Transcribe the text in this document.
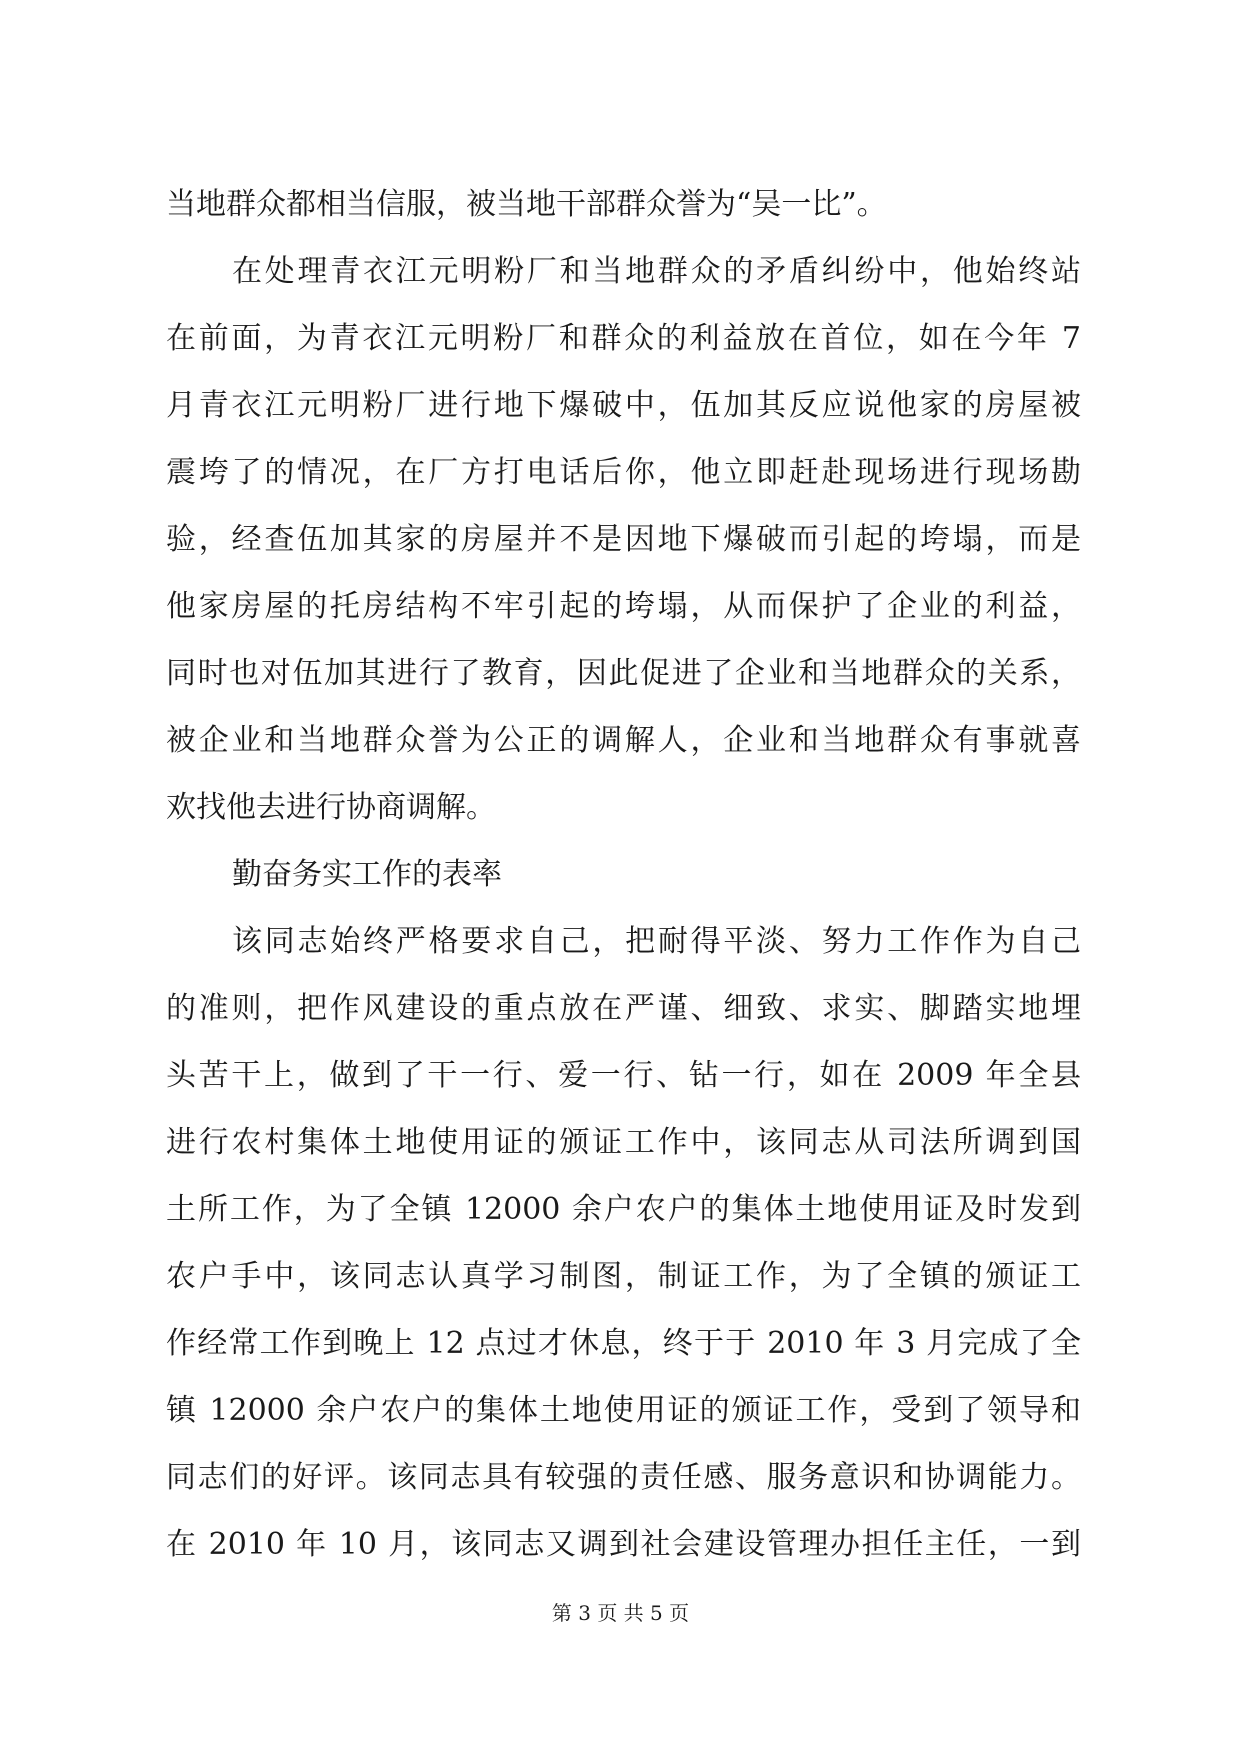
当地群众都相当信服，被当地干部群众誉为“吴一比”。
在处理青衣江元明粉厂和当地群众的矛盾纠纷中，他始终站
在前面，为青衣江元明粉厂和群众的利益放在首位，如在今年 7
月青衣江元明粉厂进行地下爆破中，伍加其反应说他家的房屋被
震垮了的情况，在厂方打电话后你，他立即赶赴现场进行现场勘
验，经查伍加其家的房屋并不是因地下爆破而引起的垮塌，而是
他家房屋的托房结构不牢引起的垮塌，从而保护了企业的利益，
同时也对伍加其进行了教育，因此促进了企业和当地群众的关系，
被企业和当地群众誉为公正的调解人，企业和当地群众有事就喜
欢找他去进行协商调解。
勤奋务实工作的表率
该同志始终严格要求自己，把耐得平淡、努力工作作为自己
的准则，把作风建设的重点放在严谨、细致、求实、脚踏实地埋
头苦干上，做到了干一行、爱一行、钻一行，如在 2009 年全县
进行农村集体土地使用证的颁证工作中，该同志从司法所调到国
土所工作，为了全镇 12000 余户农户的集体土地使用证及时发到
农户手中，该同志认真学习制图，制证工作，为了全镇的颁证工
作经常工作到晚上 12 点过才休息，终于于 2010 年 3 月完成了全
镇 12000 余户农户的集体土地使用证的颁证工作，受到了领导和
同志们的好评。该同志具有较强的责任感、服务意识和协调能力。
在 2010 年 10 月，该同志又调到社会建设管理办担任主任，一到
第 3 页 共 5 页
